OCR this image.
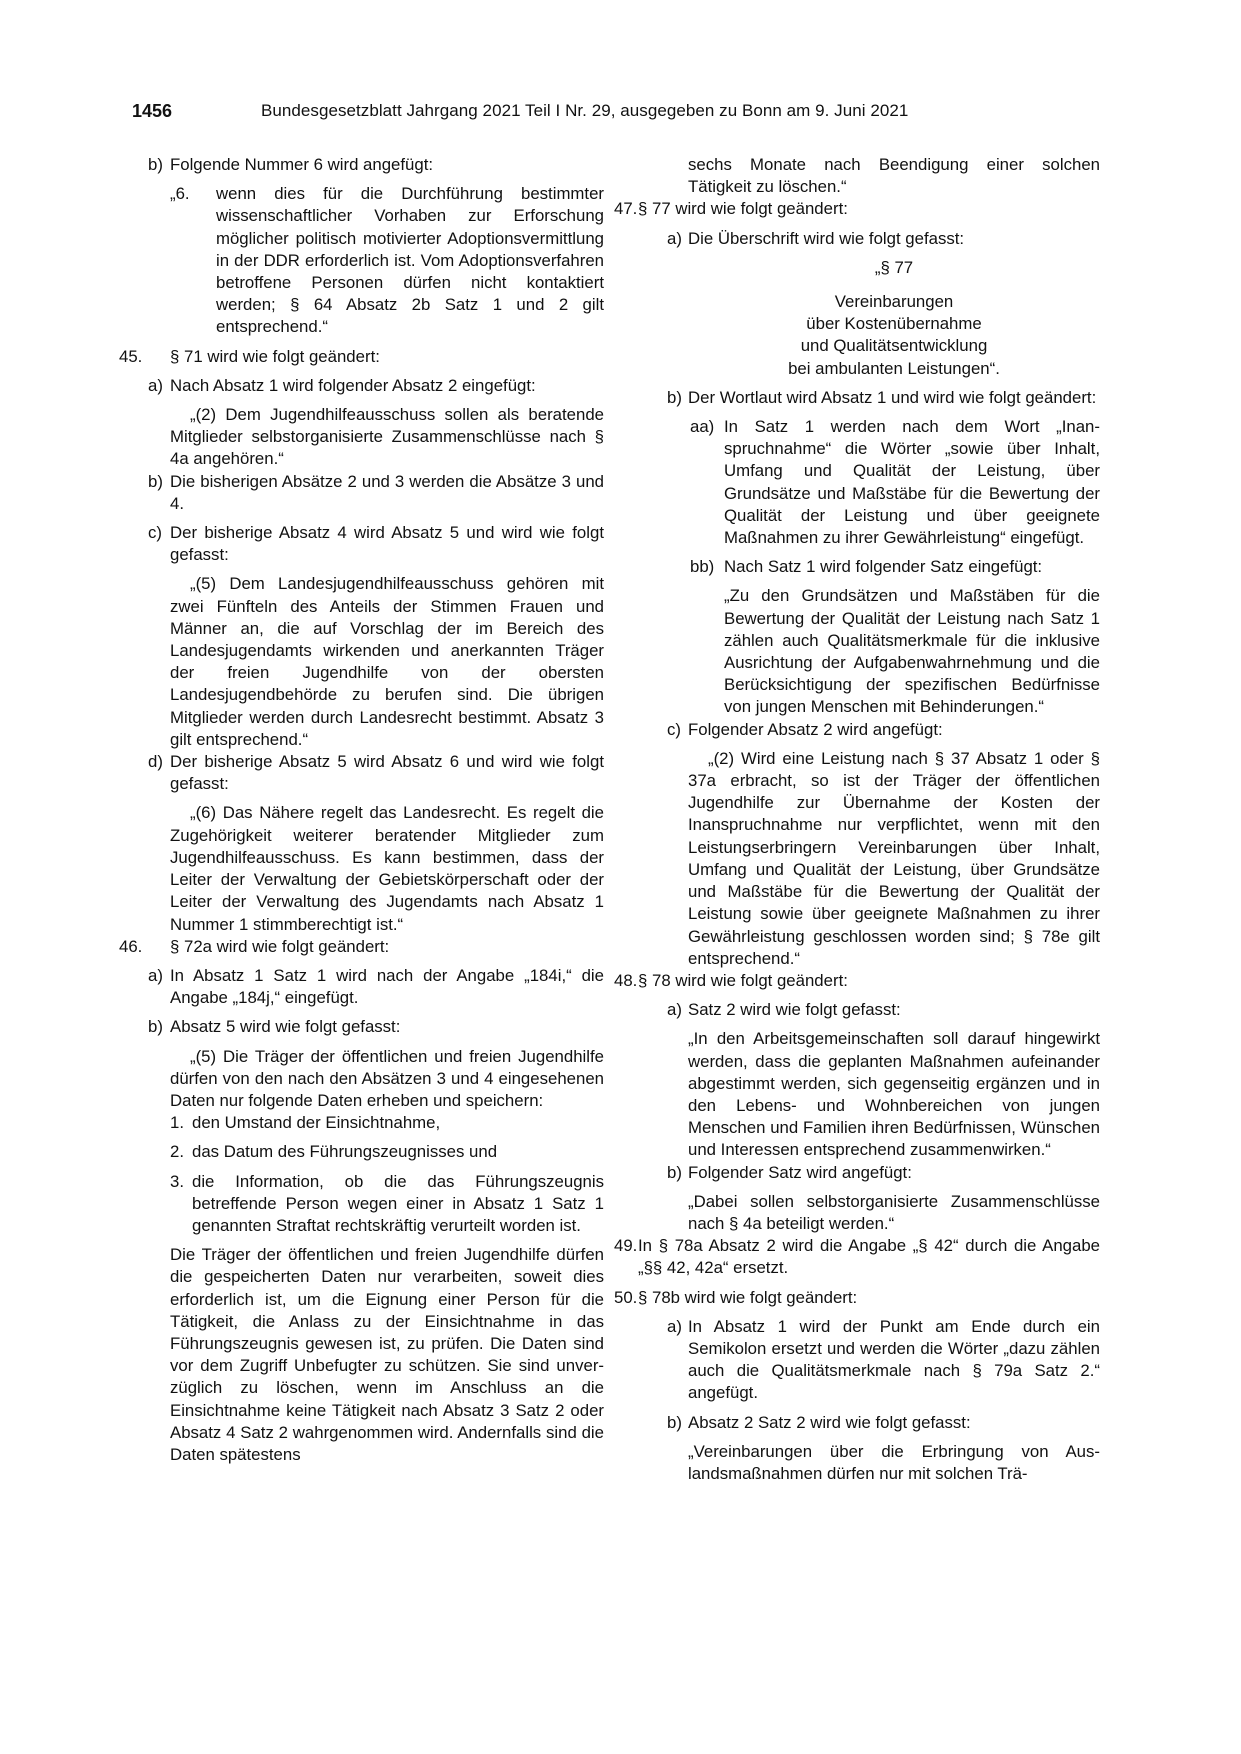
1456	Bundesgesetzblatt Jahrgang 2021 Teil I Nr. 29, ausgegeben zu Bonn am 9. Juni 2021
b) Folgende Nummer 6 wird angefügt:

„6. wenn dies für die Durchführung bestimmter wissenschaftlicher Vorhaben zur Erforschung möglicher politisch motivierter Adoptionsvermittlung in der DDR erforderlich ist. Vom Adoptionsverfahren betroffene Personen dürfen nicht kontaktiert werden; § 64 Absatz 2b Satz 1 und 2 gilt entsprechend.“

45. § 71 wird wie folgt geändert:

a) Nach Absatz 1 wird folgender Absatz 2 eingefügt:

„(2) Dem Jugendhilfeausschuss sollen als beratende Mitglieder selbstorganisierte Zusammenschlüsse nach § 4a angehören.“

b) Die bisherigen Absätze 2 und 3 werden die Absätze 3 und 4.

c) Der bisherige Absatz 4 wird Absatz 5 und wird wie folgt gefasst:

„(5) Dem Landesjugendhilfeausschuss gehören mit zwei Fünfteln des Anteils der Stimmen Frauen und Männer an, die auf Vorschlag der im Bereich des Landesjugendamts wirkenden und anerkannten Träger der freien Jugendhilfe von der obersten Landesjugendbehörde zu berufen sind. Die übrigen Mitglieder werden durch Landesrecht bestimmt. Absatz 3 gilt entsprechend.“

d) Der bisherige Absatz 5 wird Absatz 6 und wird wie folgt gefasst:

„(6) Das Nähere regelt das Landesrecht. Es regelt die Zugehörigkeit weiterer beratender Mitglieder zum Jugendhilfeausschuss. Es kann bestimmen, dass der Leiter der Verwaltung der Gebietskörperschaft oder der Leiter der Verwaltung des Jugendamts nach Absatz 1 Nummer 1 stimmberechtigt ist.“

46. § 72a wird wie folgt geändert:

a) In Absatz 1 Satz 1 wird nach der Angabe „184i,“ die Angabe „184j,“ eingefügt.

b) Absatz 5 wird wie folgt gefasst:

„(5) Die Träger der öffentlichen und freien Jugendhilfe dürfen von den nach den Absätzen 3 und 4 eingesehenen Daten nur folgende Daten erheben und speichern:

1. den Umstand der Einsichtnahme,

2. das Datum des Führungszeugnisses und

3. die Information, ob die das Führungszeugnis betreffende Person wegen einer in Absatz 1 Satz 1 genannten Straftat rechtskräftig verurteilt worden ist.

Die Träger der öffentlichen und freien Jugendhilfe dürfen die gespeicherten Daten nur verarbeiten, soweit dies erforderlich ist, um die Eignung einer Person für die Tätigkeit, die Anlass zu der Einsichtnahme in das Führungszeugnis gewesen ist, zu prüfen. Die Daten sind vor dem Zugriff Unbefugter zu schützen. Sie sind unverzüglich zu löschen, wenn im Anschluss an die Einsichtnahme keine Tätigkeit nach Absatz 3 Satz 2 oder Absatz 4 Satz 2 wahrgenommen wird. Andernfalls sind die Daten spätestens

sechs Monate nach Beendigung einer solchen Tätigkeit zu löschen.“

47. § 77 wird wie folgt geändert:

a) Die Überschrift wird wie folgt gefasst:

„§ 77

Vereinbarungen

über Kostenübernahme

und Qualitätsentwicklung

bei ambulanten Leistungen“.

b) Der Wortlaut wird Absatz 1 und wird wie folgt geändert:

aa) In Satz 1 werden nach dem Wort „Inanspruchnahme“ die Wörter „sowie über Inhalt, Umfang und Qualität der Leistung, über Grundsätze und Maßstäbe für die Bewertung der Qualität der Leistung und über geeignete Maßnahmen zu ihrer Gewährleistung“ eingefügt.

bb) Nach Satz 1 wird folgender Satz eingefügt:

„Zu den Grundsätzen und Maßstäben für die Bewertung der Qualität der Leistung nach Satz 1 zählen auch Qualitätsmerkmale für die inklusive Ausrichtung der Aufgabenwahrnehmung und die Berücksichtigung der spezifischen Bedürfnisse von jungen Menschen mit Behinderungen.“

c) Folgender Absatz 2 wird angefügt:

„(2) Wird eine Leistung nach § 37 Absatz 1 oder § 37a erbracht, so ist der Träger der öffentlichen Jugendhilfe zur Übernahme der Kosten der Inanspruchnahme nur verpflichtet, wenn mit den Leistungserbringern Vereinbarungen über Inhalt, Umfang und Qualität der Leistung, über Grundsätze und Maßstäbe für die Bewertung der Qualität der Leistung sowie über geeignete Maßnahmen zu ihrer Gewährleistung geschlossen worden sind; § 78e gilt entsprechend.“

48. § 78 wird wie folgt geändert:

a) Satz 2 wird wie folgt gefasst:

„In den Arbeitsgemeinschaften soll darauf hingewirkt werden, dass die geplanten Maßnahmen aufeinander abgestimmt werden, sich gegenseitig ergänzen und in den Lebens- und Wohnbereichen von jungen Menschen und Familien ihren Bedürfnissen, Wünschen und Interessen entsprechend zusammenwirken.“

b) Folgender Satz wird angefügt:

„Dabei sollen selbstorganisierte Zusammenschlüsse nach § 4a beteiligt werden.“

49. In § 78a Absatz 2 wird die Angabe „§ 42“ durch die Angabe „§§ 42, 42a“ ersetzt.

50. § 78b wird wie folgt geändert:

a) In Absatz 1 wird der Punkt am Ende durch ein Semikolon ersetzt und werden die Wörter „dazu zählen auch die Qualitätsmerkmale nach § 79a Satz 2.“ angefügt.

b) Absatz 2 Satz 2 wird wie folgt gefasst:

„Vereinbarungen über die Erbringung von Auslandsmaßnahmen dürfen nur mit solchen Trä-
